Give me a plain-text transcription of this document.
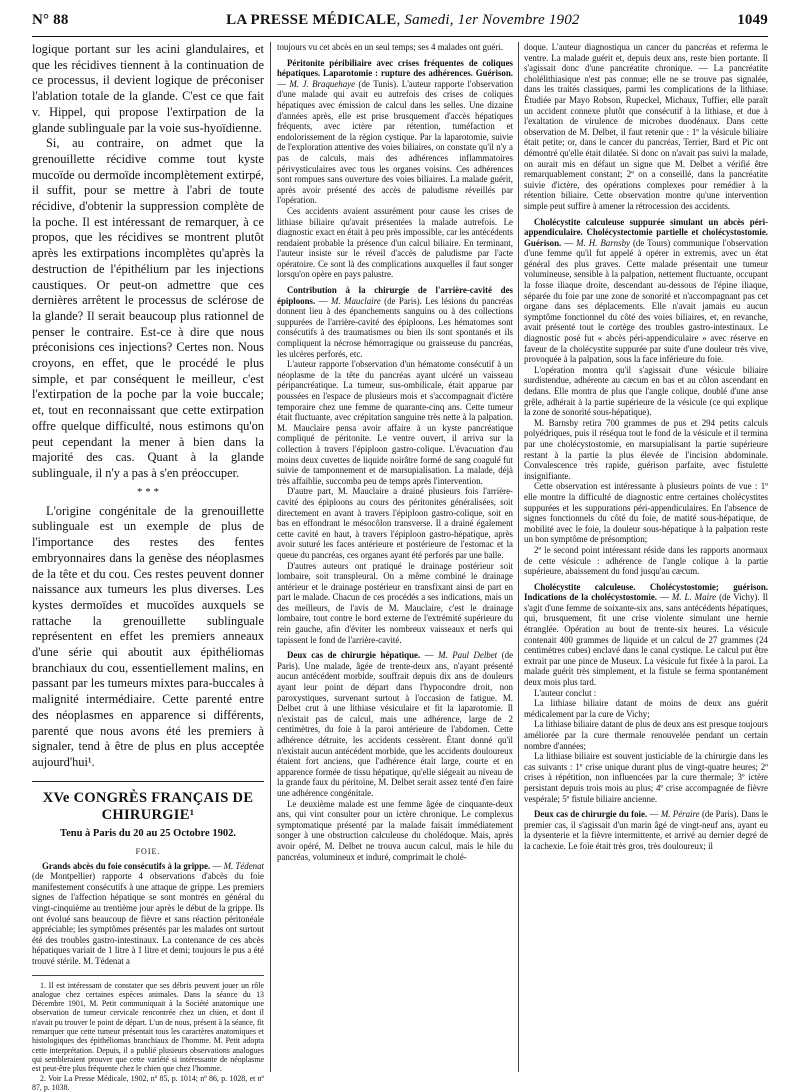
N° 88	LA PRESSE MÉDICALE, Samedi, 1er Novembre 1902	1049

logique portant sur les acini glandulaires, et que les récidives tiennent à la continuation de ce processus, il devient logique de préconiser l'ablation totale de la glande. C'est ce que fait v. Hippel, qui propose l'extirpation de la glande sublinguale par la voie sus-hyoïdienne.

Si, au contraire, on admet que la grenouillette récidive comme tout kyste mucoïde ou dermoïde incomplètement extirpé, il suffit, pour se mettre à l'abri de toute récidive, d'obtenir la suppression complète de la poche. Il est intéressant de remarquer, à ce propos, que les récidives se montrent plutôt après les extirpations incomplètes qu'après la destruction de l'épithélium par les injections caustiques. Or peut-on admettre que ces dernières arrêtent le processus de sclérose de la glande? Il serait beaucoup plus rationnel de penser le contraire. Est-ce à dire que nous préconisions ces injections? Certes non. Nous croyons, en effet, que le procédé le plus simple, et par conséquent le meilleur, c'est l'extirpation de la poche par la voie buccale; et, tout en reconnaissant que cette extirpation offre quelque difficulté, nous estimons qu'on peut cependant la mener à bien dans la majorité des cas. Quant à la glande sublinguale, il n'y a pas à s'en préoccuper.

* * *

L'origine congénitale de la grenouillette sublinguale est un exemple de plus de l'importance des restes des fentes embryonnaires dans la genèse des néoplasmes de la tête et du cou. Ces restes peuvent donner naissance aux tumeurs les plus diverses. Les kystes dermoïdes et mucoïdes auxquels se rattache la grenouillette sublinguale représentent en effet les premiers anneaux d'une série qui aboutit aux épithéliomas branchiaux du cou, essentiellement malins, en passant par les tumeurs mixtes para-buccales à malignité intermédiaire. Cette parenté entre des néoplasmes en apparence si différents, parenté que nous avons été les premiers à signaler, tend à être de plus en plus acceptée aujourd'hui¹.

XVe CONGRÈS FRANÇAIS DE CHIRURGIE¹
Tenu à Paris du 20 au 25 Octobre 1902.
FOIE.

Grands abcès du foie consécutifs à la grippe. — M. Tédenat (de Montpellier) rapporte 4 observations d'abcès du foie manifestement consécutifs à une attaque de grippe. Les premiers signes de l'affection hépatique se sont montrés en général du vingt-cinquième au trentième jour après le début de la grippe. Ils ont évolué sans beaucoup de fièvre et sans réaction péritonéale appréciable; les symptômes présentés par les malades ont surtout été des troubles gastro-intestinaux. La contenance de ces abcès hépatiques variait de 1 litre à 1 litre et demi; toujours le pus a été trouvé stérile. M. Tédenat a

1. Il est intéressant de constater que ses débris peuvent jouer un rôle analogue chez certaines espèces animales. Dans la séance du 13 Décembre 1901, M. Petit communiquait à la Société anatomique une observation de tumeur cervicale rencontrée chez un chien, et dont il n'avait pu trouver le point de départ. L'un de nous, présent à la séance, fit remarquer que cette tumeur présentait tous les caractères anatomiques et histologiques des épithéliomas branchiaux de l'homme. M. Petit adopta cette interprétation. Depuis, il a publié plusieurs observations analogues qui sembleraient prouver que cette variété si intéressante de néoplasme est peut-être plus fréquente chez le chien que chez l'homme.

2. Voir La Presse Médicale, 1902, nº 85, p. 1014; nº 86, p. 1028, et nº 87, p. 1038.

toujours vu cet abcès en un seul temps; ses 4 malades ont guéri.

Péritonite péribiliaire avec crises fréquentes de coliques hépatiques. Laparotomie : rupture des adhérences. Guérison. — M. J. Braquehaye (de Tunis). L'auteur rapporte l'observation d'une malade qui avait eu autrefois des crises de coliques hépatiques avec émission de calcul dans les selles. Une dizaine d'années après, elle est prise brusquement d'accès hépatiques fréquents, avec ictère par rétention, tuméfaction et endolorissement de la région cystique. Par la laparotomie, suivie de l'exploration attentive des voies biliaires, on constate qu'il n'y a pas de calculs, mais des adhérences inflammatoires périvysticulaires avec tous les organes voisins. Ces adhérences sont rompues sans ouverture des voies biliaires. La malade guérit, après avoir présenté des accès de paludisme réveillés par l'opération.

Ces accidents avaient assurément pour cause les crises de lithiase biliaire qu'avait présentées la malade autrefois. Le diagnostic exact en était à peu près impossible, car les antécédents rendaient probable la présence d'un calcul biliaire. En terminant, l'auteur insiste sur le réveil d'accès de paludisme par l'acte opératoire. Ce sont là des complications auxquelles il faut songer lorsqu'on opère en pays palustre.

Contribution à la chirurgie de l'arrière-cavité des épiploons. — M. Mauclaire (de Paris). Les lésions du pancréas donnent lieu à des épanchements sanguins ou à des collections suppurées de l'arrière-cavité des épiploons. Les hématomes sont consécutifs à des traumatismes ou bien ils sont spontanés et ils compliquent la nécrose hémorragique ou graisseuse du pancréas, les ulcères perforés, etc.

L'auteur rapporte l'observation d'un hématome consécutif à un néoplasme de la tête du pancréas ayant ulcéré un vaisseau péripancréatique. La tumeur, sus-ombilicale, était apparue par poussées en l'espace de plusieurs mois et s'accompagnait d'ictère temporaire chez une femme de quarante-cinq ans. Cette tumeur était fluctuante, avec crépitation sanguine très nette à la palpation. M. Mauclaire pensa avoir affaire à un kyste pancréatique compliqué de péritonite. Le ventre ouvert, il arriva sur la collection à travers l'épiploon gastro-colique. L'évacuation d'au moins deux cuvettes de liquide noirâtre formé de sang coagulé fut suivie de tamponnement et de marsupialisation. La malade, déjà très affaiblie, succomba peu de temps après l'intervention.

D'autre part, M. Mauclaire a drainé plusieurs fois l'arrière-cavité des épiploons au cours des péritonites généralisées, soit directement en avant à travers l'épiploon gastro-colique, soit en bas en effondrant le mésocôlon transverse. Il a drainé également cette cavité en haut, à travers l'épiploon gastro-hépatique, après avoir suturé les faces antérieure et postérieure de l'estomac et la queue du pancréas, ces organes ayant été perforés par une balle.

D'autres auteurs ont pratiqué le drainage postérieur soit lombaire, soit transpleural. On a même combiné le drainage antérieur et le drainage postérieur en transfixant ainsi de part en part le malade. Chacun de ces procédés a ses indications, mais un des meilleurs, de l'avis de M. Mauclaire, c'est le drainage lombaire, tout contre le bord externe de l'extrémité supérieure du rein gauche, afin d'éviter les nombreux vaisseaux et nerfs qui tapissent le fond de l'arrière-cavité.

Deux cas de chirurgie hépatique. — M. Paul Delbet (de Paris). Une malade, âgée de trente-deux ans, n'ayant présenté aucun antécédent morbide, souffrait depuis dix ans de douleurs ayant leur point de départ dans l'hypocondre droit, non paroxystiques, survenant surtout à l'occasion de fatigue. M. Delbet crut à une lithiase vésiculaire et fit la laparotomie. Il n'existait pas de calcul, mais une adhérence, large de 2 centimètres, du foie à la paroi antérieure de l'abdomen. Cette adhérence détruite, les accidents cessèrent. Étant donné qu'il n'existait aucun antécédent morbide, que les accidents douloureux étaient fort anciens, que l'adhérence était large, courte et en apparence formée de tissu hépatique, qu'elle siégeait au niveau de la grande faux du péritoine, M. Delbet serait assez tenté d'en faire une adhérence congénitale.

Le deuxième malade est une femme âgée de cinquante-deux ans, qui vint consulter pour un ictère chronique. Le complexus symptomatique présenté par la malade faisait immédiatement songer à une obstruction calculeuse du cholédoque. Mais, après avoir opéré, M. Delbet ne trouva aucun calcul, mais le hile du pancréas, volumineux et induré, comprimait le cholé-

doque. L'auteur diagnostiqua un cancer du pancréas et referma le ventre. La malade guérit et, depuis deux ans, reste bien portante. Il s'agissait donc d'une pancréatite chronique. — La pancréatite cholélithiasique n'est pas connue; elle ne se trouve pas signalée, dans les traités classiques, parmi les complications de la lithiase. Étudiée par Mayo Robson, Rupeckel, Michaux, Tuffier, elle paraît un accident connexe plutôt que consécutif à la lithiase, et due à l'exaltation de virulence de microbes duodénaux. Dans cette observation de M. Delbet, il faut retenir que : 1º la vésicule biliaire était petite; or, dans le cancer du pancréas, Terrier, Bard et Pic ont démontré qu'elle était dilatée. Si donc on n'avait pas suivi la malade, on aurait mis en défaut un signe que M. Delbet a vérifié être remarquablement constant; 2º on a conseillé, dans la pancréatite suivie d'ictère, des opérations complexes pour remédier à la rétention biliaire. Cette observation montre qu'une intervention simple peut suffire à amener la rétrocession des accidents.

Cholécystite calculeuse suppurée simulant un abcès péri-appendiculaire. Cholécystectomie partielle et cholécystostomie. Guérison. — M. H. Barnsby (de Tours) communique l'observation d'une femme qu'il fut appelé à opérer in extremis, avec un état général des plus graves. Cette malade présentait une tumeur volumineuse, sensible à la palpation, nettement fluctuante, occupant la fosse iliaque droite, descendant au-dessous de l'épine iliaque, séparée du foie par une zone de sonorité et n'accompagnant pas cet organe dans ses déplacements. Elle n'avait jamais eu aucun symptôme fonctionnel du côté des voies biliaires, et, en revanche, avait présenté tout le cortège des troubles gastro-intestinaux. Le diagnostic posé fut « abcès péri-appendiculaire » avec réserve en faveur de la cholécystite suppurée par suite d'une douleur très vive, provoquée à la palpation, sous la face inférieure du foie.

L'opération montra qu'il s'agissait d'une vésicule biliaire surdistendue, adhérente au cæcum en bas et au côlon ascendant en dedans. Elle montra de plus que l'angle colique, doublé d'une anse grêle, adhérait à la partie supérieure de la vésicule (ce qui explique la zone de sonorité sous-hépatique).

M. Barnsby retira 700 grammes de pus et 294 petits calculs polyédriques, puis il réséqua tout le fond de la vésicule et il termina par une cholécystostomie, en marsupialisant la partie supérieure restant à la partie la plus élevée de l'incision abdominale. Convalescence très rapide, guérison parfaite, avec fistulette insignifiante.

Cette observation est intéressante à plusieurs points de vue : 1º elle montre la difficulté de diagnostic entre certaines cholécystites suppurées et les suppurations péri-appendiculaires. En l'absence de signes fonctionnels du côté du foie, de matité sous-hépatique, de mobilité avec le foie, la douleur sous-hépatique à la palpation reste un bon symptôme de présomption;

2º le second point intéressant réside dans les rapports anormaux de cette vésicule : adhérence de l'angle colique à la partie supérieure, abaissement du fond jusqu'au cæcum.

Cholécystite calculeuse. Cholécystostomie; guérison. Indications de la cholécystostomie. — M. L. Maire (de Vichy). Il s'agit d'une femme de soixante-six ans, sans antécédents hépatiques, qui, brusquement, fit une crise violente simulant une hernie étranglée. Opération au bout de trente-six heures. La vésicule contenait 400 grammes de liquide et un calcul de 27 grammes (24 centimètres cubes) enclavé dans le canal cystique. Le calcul put être extrait par une pince de Museux. La vésicule fut fixée à la paroi. La malade guérit très simplement, et la fistule se ferma spontanément deux mois plus tard.

L'auteur conclut :

La lithiase biliaire datant de moins de deux ans guérit médicalement par la cure de Vichy;

La lithiase biliaire datant de plus de deux ans est presque toujours améliorée par la cure thermale renouvelée pendant un certain nombre d'années;

La lithiase biliaire est souvent justiciable de la chirurgie dans les cas suivants : 1º crise unique durant plus de vingt-quatre heures; 2º crises à répétition, non influencées par la cure thermale; 3º ictère persistant depuis trois mois au plus; 4º crise accompagnée de fièvre vespérale; 5º fistule biliaire ancienne.

Deux cas de chirurgie du foie. — M. Péraire (de Paris). Dans le premier cas, il s'agissait d'un marin âgé de vingt-neuf ans, ayant eu la dysenterie et la fièvre intermittente, et arrivé au dernier degré de la cachexie. Le foie était très gros, très douloureux; il
